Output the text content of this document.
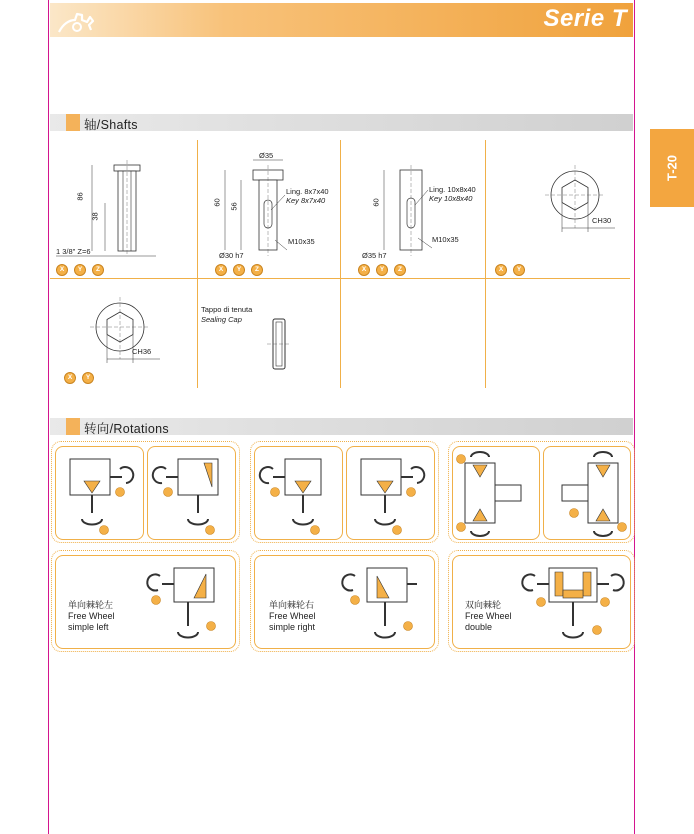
Serie T
T-20
轴/Shafts
86
38
1 3/8" Z=6
X	Y	Z
Ø35
60 56
Ling. 8x7x40
Key 8x7x40
M10x35
Ø30 h7
X	Y	Z
60
Ling. 10x8x40
Key 10x8x40
M10x35
Ø35 h7
X	Y	Z
CH30
X	Y
CH36
X	Y
Tappo di tenuta
Sealing Cap
转向/Rotations
单向棘轮左
Free Wheel
simple left
单向棘轮右
Free Wheel
simple right
双向棘轮
Free Wheel
double
